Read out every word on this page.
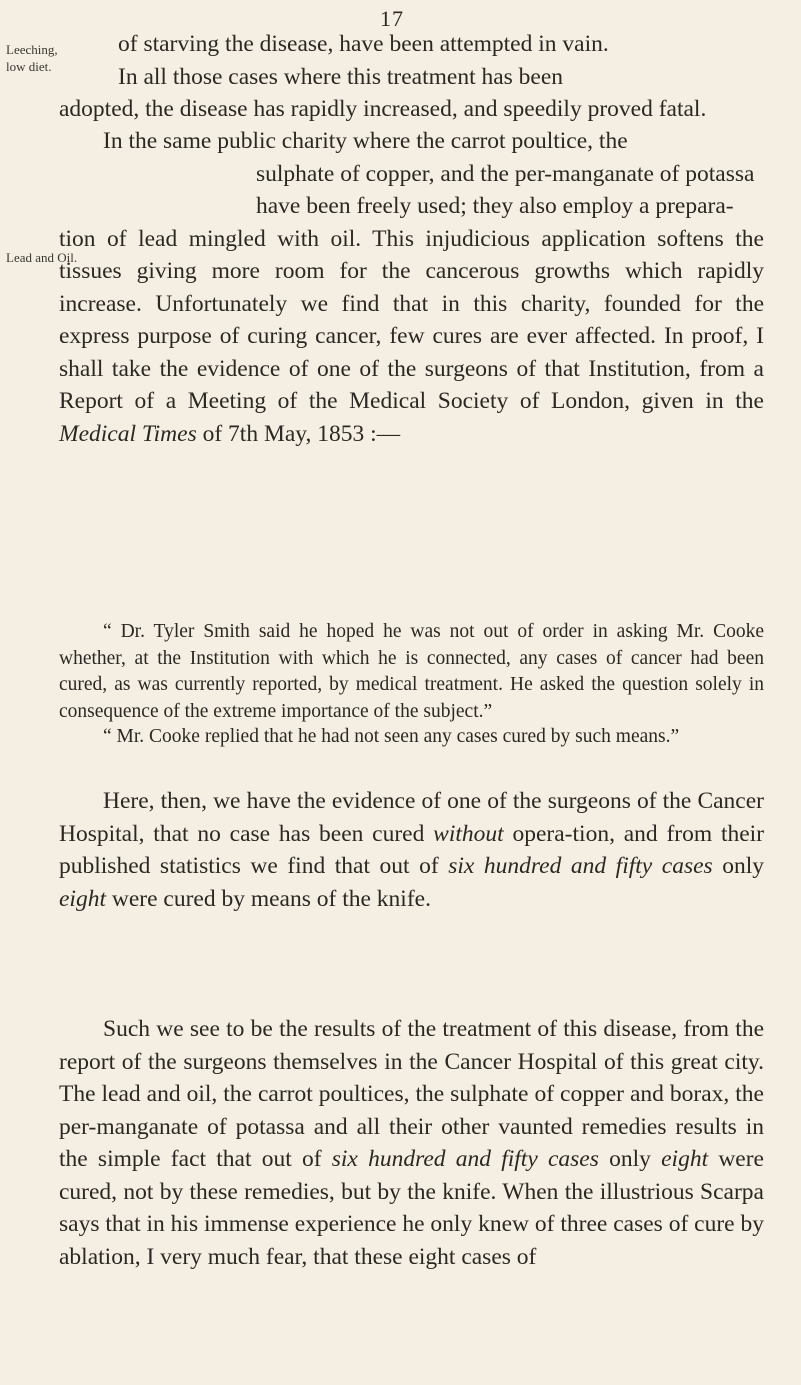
17
Leeching,
low diet.
Lead and Oil.
of starving the disease, have been attempted in vain.
In all those cases where this treatment has been
adopted, the disease has rapidly increased, and speedily proved fatal.
In the same public charity where the carrot poultice, the
sulphate of copper, and the per-manganate of potassa
have been freely used; they also employ a prepara-
tion of lead mingled with oil. This injudicious application softens the tissues giving more room for the cancerous growths which rapidly increase. Unfortunately we find that in this charity, founded for the express purpose of curing cancer, few cures are ever affected. In proof, I shall take the evidence of one of the surgeons of that Institution, from a Report of a Meeting of the Medical Society of London, given in the Medical Times of 7th May, 1853 :—

“ Dr. Tyler Smith said he hoped he was not out of order in asking Mr. Cooke whether, at the Institution with which he is connected, any cases of cancer had been cured, as was currently reported, by medical treatment. He asked the question solely in consequence of the extreme importance of the subject.”

“ Mr. Cooke replied that he had not seen any cases cured by such means.”

Here, then, we have the evidence of one of the surgeons of the Cancer Hospital, that no case has been cured without opera-tion, and from their published statistics we find that out of six hundred and fifty cases only eight were cured by means of the knife.

Such we see to be the results of the treatment of this disease, from the report of the surgeons themselves in the Cancer Hospital of this great city. The lead and oil, the carrot poultices, the sulphate of copper and borax, the per-manganate of potassa and all their other vaunted remedies results in the simple fact that out of six hundred and fifty cases only eight were cured, not by these remedies, but by the knife. When the illustrious Scarpa says that in his immense experience he only knew of three cases of cure by ablation, I very much fear, that these eight cases of
